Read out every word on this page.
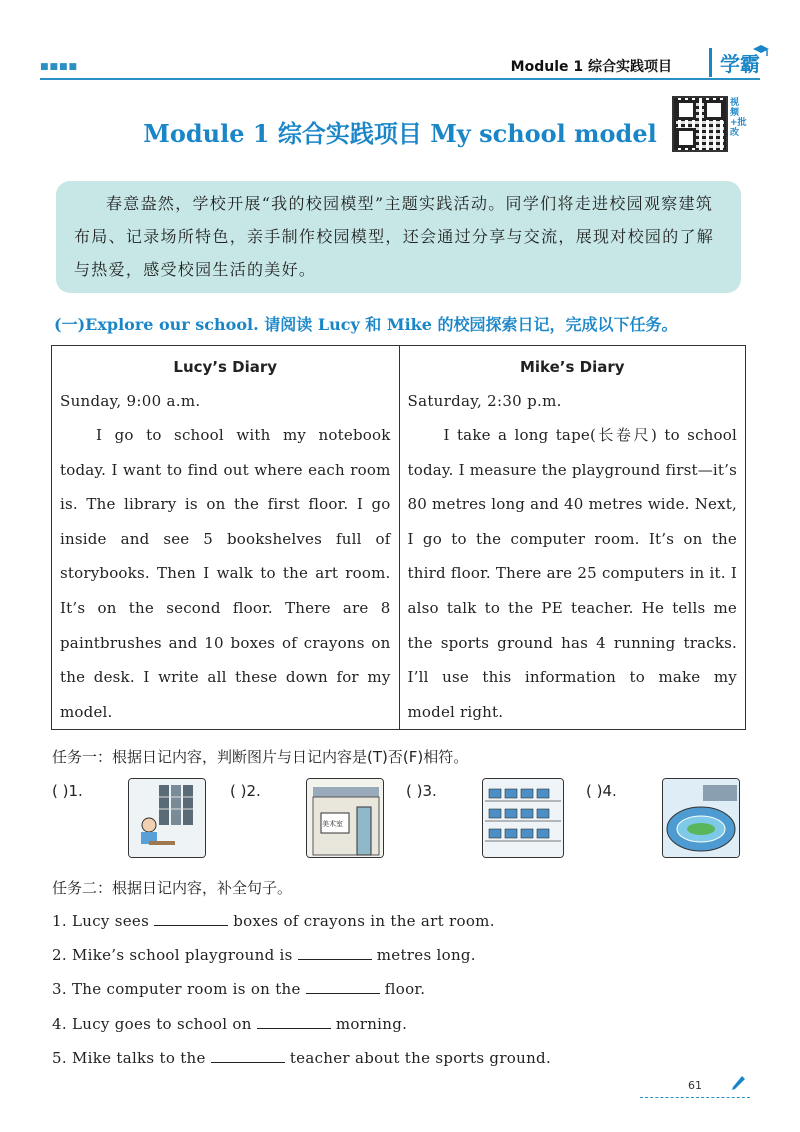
■■■■	Module 1 综合实践项目	学霸
Module 1 综合实践项目 My school model
视频+批改

春意盎然，学校开展“我的校园模型”主题实践活动。同学们将走进校园观察建筑布局、记录场所特色，亲手制作校园模型，还会通过分享与交流，展现对校园的了解与热爱，感受校园生活的美好。

(一)Explore our school. 请阅读 Lucy 和 Mike 的校园探索日记，完成以下任务。
Lucy’s Diary
Sunday, 9:00 a.m.
I go to school with my notebook today. I want to find out where each room is. The library is on the first floor. I go inside and see 5 bookshelves full of storybooks. Then I walk to the art room. It’s on the second floor. There are 8 paintbrushes and 10 boxes of crayons on the desk. I write all these down for my model.
Mike’s Diary
Saturday, 2:30 p.m.
I take a long tape(长卷尺) to school today. I measure the playground first—it’s 80 metres long and 40 metres wide. Next, I go to the computer room. It’s on the third floor. There are 25 computers in it. I also talk to the PE teacher. He tells me the sports ground has 4 running tracks. I’ll use this information to make my model right.
任务一：根据日记内容，判断图片与日记内容是(T)否(F)相符。
( )1.	( )2.
美术室
( )3.	( )4.
任务二：根据日记内容，补全句子。
1. Lucy sees	boxes of crayons in the art room.
2. Mike’s school playground is	metres long.
3. The computer room is on the	floor.
4. Lucy goes to school on	morning.
5. Mike talks to the	teacher about the sports ground.
61
